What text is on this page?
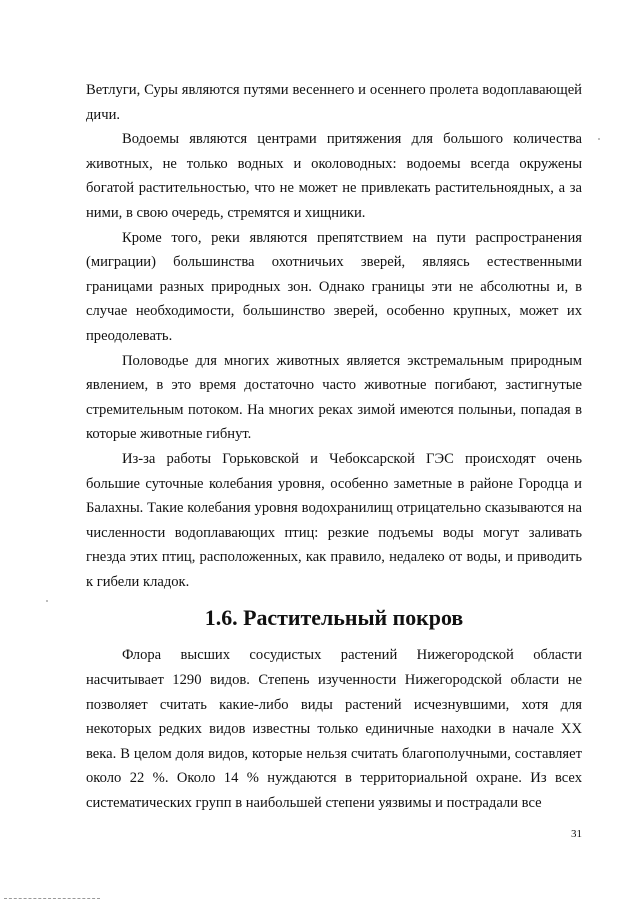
Ветлуги, Суры являются путями весеннего и осеннего пролета водоплавающей дичи.

Водоемы являются центрами притяжения для большого количества животных, не только водных и околоводных: водоемы всегда окружены богатой растительностью, что не может не привлекать растительноядных, а за ними, в свою очередь, стремятся и хищники.

Кроме того, реки являются препятствием на пути распространения (миграции) большинства охотничьих зверей, являясь естественными границами разных природных зон. Однако границы эти не абсолютны и, в случае необходимости, большинство зверей, особенно крупных, может их преодолевать.

Половодье для многих животных является экстремальным природным явлением, в это время достаточно часто животные погибают, застигнутые стремительным потоком. На многих реках зимой имеются полыньи, попадая в которые животные гибнут.

Из-за работы Горьковской и Чебоксарской ГЭС происходят очень большие суточные колебания уровня, особенно заметные в районе Городца и Балахны. Такие колебания уровня водохранилищ отрицательно сказываются на численности водоплавающих птиц: резкие подъемы воды могут заливать гнезда этих птиц, расположенных, как правило, недалеко от воды, и приводить к гибели кладок.

1.6. Растительный покров

Флора высших сосудистых растений Нижегородской области насчитывает 1290 видов. Степень изученности Нижегородской области не позволяет считать какие-либо виды растений исчезнувшими, хотя для некоторых редких видов известны только единичные находки в начале XX века. В целом доля видов, которые нельзя считать благополучными, составляет около 22 %. Около 14 % нуждаются в территориальной охране. Из всех систематических групп в наибольшей степени уязвимы и пострадали все

31
